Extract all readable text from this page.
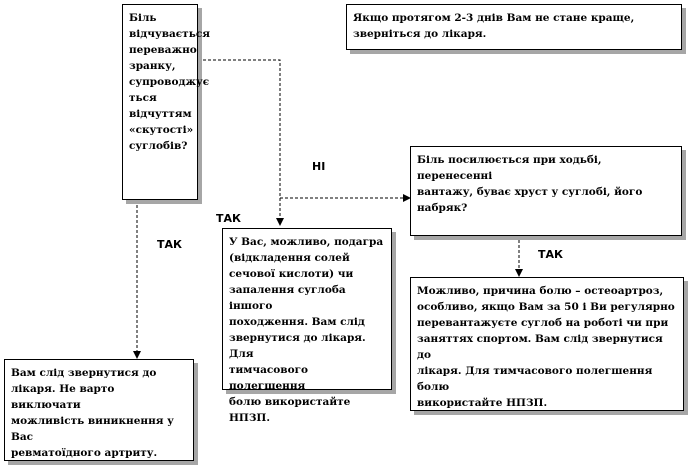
Біль
відчувається
переважно
зранку,
супроводжує
ться
відчуттям
«скутості»
суглобів?
Якщо протягом 2-3 днів Вам не стане краще,
зверніться до лікаря.
Біль посилюється при ходьбі, перенесенні
вантажу, буває хруст у суглобі, його
набряк?
У Вас, можливо, подагра
(відкладення солей
сечової кислоти) чи
запалення суглоба іншого
походження. Вам слід
звернутися до лікаря. Для
тимчасового полегшення
болю використайте НПЗП.
Можливо, причина болю – остеоартроз,
особливо, якщо Вам за 50 і Ви регулярно
перевантажуєте суглоб на роботі чи при
заняттях спортом. Вам слід звернутися до
лікаря. Для тимчасового полегшення болю
використайте НПЗП.
Вам слід звернутися до
лікаря. Не варто виключати
можливість виникнення у Вас
ревматоїдного артриту.
НІ
ТАК
ТАК
ТАК
